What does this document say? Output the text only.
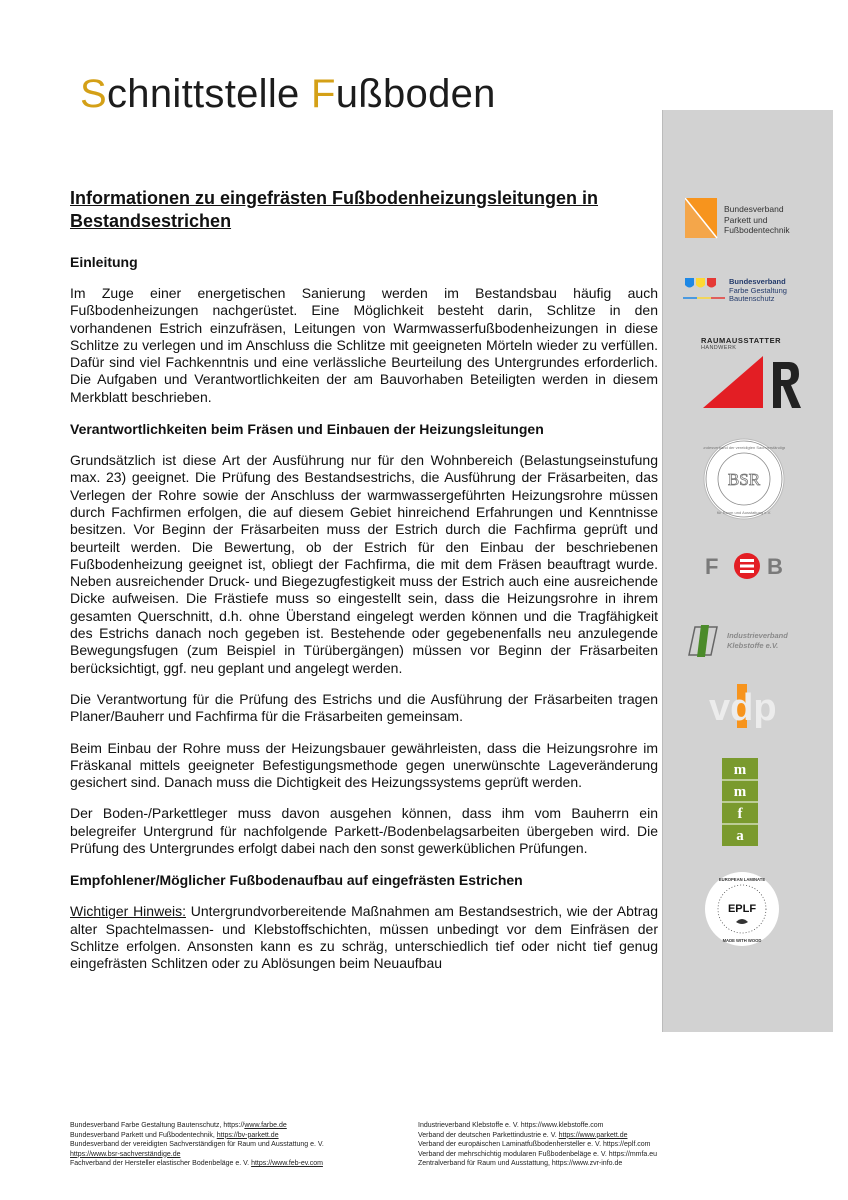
Schnittstelle Fußboden
Bundesverband
Parkett und
Fußbodentechnik
Bundesverband
Farbe Gestaltung
Bautenschutz
RAUMAUSSTATTER
HANDWERK
BSR
Bundesverband der vereidigten Sachverständigen
für Raum und Ausstattung e.V.
F B
Industrieverband
Klebstoffe e.V.
vdp
m
m
f
a
EPLF
EUROPEAN LAMINATE
MADE WITH WOOD
Informationen zu eingefrästen Fußbodenheizungsleitungen in Bestandsestrichen
Einleitung

Im Zuge einer energetischen Sanierung werden im Bestandsbau häufig auch Fußbodenheizungen nachgerüstet. Eine Möglichkeit besteht darin, Schlitze in den vorhandenen Estrich einzufräsen, Leitungen von Warmwasserfußbodenheizungen in diese Schlitze zu verlegen und im Anschluss die Schlitze mit geeigneten Mörteln wieder zu verfüllen. Dafür sind viel Fachkenntnis und eine verlässliche Beurteilung des Untergrundes erforderlich. Die Aufgaben und Verantwortlichkeiten der am Bauvorhaben Beteiligten werden in diesem Merkblatt beschrieben.

Verantwortlichkeiten beim Fräsen und Einbauen der Heizungsleitungen

Grundsätzlich ist diese Art der Ausführung nur für den Wohnbereich (Belastungseinstufung max. 23) geeignet. Die Prüfung des Bestandsestrichs, die Ausführung der Fräsarbeiten, das Verlegen der Rohre sowie der Anschluss der warmwassergeführten Heizungsrohre müssen durch Fachfirmen erfolgen, die auf diesem Gebiet hinreichend Erfahrungen und Kenntnisse besitzen. Vor Beginn der Fräsarbeiten muss der Estrich durch die Fachfirma geprüft und beurteilt werden. Die Bewertung, ob der Estrich für den Einbau der beschriebenen Fußbodenheizung geeignet ist, obliegt der Fachfirma, die mit dem Fräsen beauftragt wurde. Neben ausreichender Druck- und Biegezugfestigkeit muss der Estrich auch eine ausreichende Dicke aufweisen. Die Frästiefe muss so eingestellt sein, dass die Heizungsrohre in ihrem gesamten Querschnitt, d.h. ohne Überstand eingelegt werden können und die Tragfähigkeit des Estrichs danach noch gegeben ist. Bestehende oder gegebenenfalls neu anzulegende Bewegungsfugen (zum Beispiel in Türübergängen) müssen vor Beginn der Fräsarbeiten berücksichtigt, ggf. neu geplant und angelegt werden.

Die Verantwortung für die Prüfung des Estrichs und die Ausführung der Fräsarbeiten tragen Planer/Bauherr und Fachfirma für die Fräsarbeiten gemeinsam.

Beim Einbau der Rohre muss der Heizungsbauer gewährleisten, dass die Heizungsrohre im Fräskanal mittels geeigneter Befestigungsmethode gegen unerwünschte Lageveränderung gesichert sind. Danach muss die Dichtigkeit des Heizungssystems geprüft werden.

Der Boden-/Parkettleger muss davon ausgehen können, dass ihm vom Bauherrn ein belegreifer Untergrund für nachfolgende Parkett-/Bodenbelagsarbeiten übergeben wird. Die Prüfung des Untergrundes erfolgt dabei nach den sonst gewerküblichen Prüfungen.

Empfohlener/Möglicher Fußbodenaufbau auf eingefrästen Estrichen

Wichtiger Hinweis: Untergrundvorbereitende Maßnahmen am Bestandsestrich, wie der Abtrag alter Spachtelmassen- und Klebstoffschichten, müssen unbedingt vor dem Einfräsen der Schlitze erfolgen. Ansonsten kann es zu schräg, unterschiedlich tief oder nicht tief genug eingefrästen Schlitzen oder zu Ablösungen beim Neuaufbau

Bundesverband Farbe Gestaltung Bautenschutz, https://www.farbe.de
Bundesverband Parkett und Fußbodentechnik, https://bv-parkett.de
Bundesverband der vereidigten Sachverständigen für Raum und Ausstattung e. V.
https://www.bsr-sachverständige.de
Fachverband der Hersteller elastischer Bodenbeläge e. V. https://www.feb-ev.com
Industrieverband Klebstoffe e. V. https://www.klebstoffe.com
Verband der deutschen Parkettindustrie e. V. https://www.parkett.de
Verband der europäischen Laminatfußbodenhersteller e. V. https://eplf.com
Verband der mehrschichtig modularen Fußbodenbeläge e. V. https://mmfa.eu
Zentralverband für Raum und Ausstattung, https://www.zvr-info.de
